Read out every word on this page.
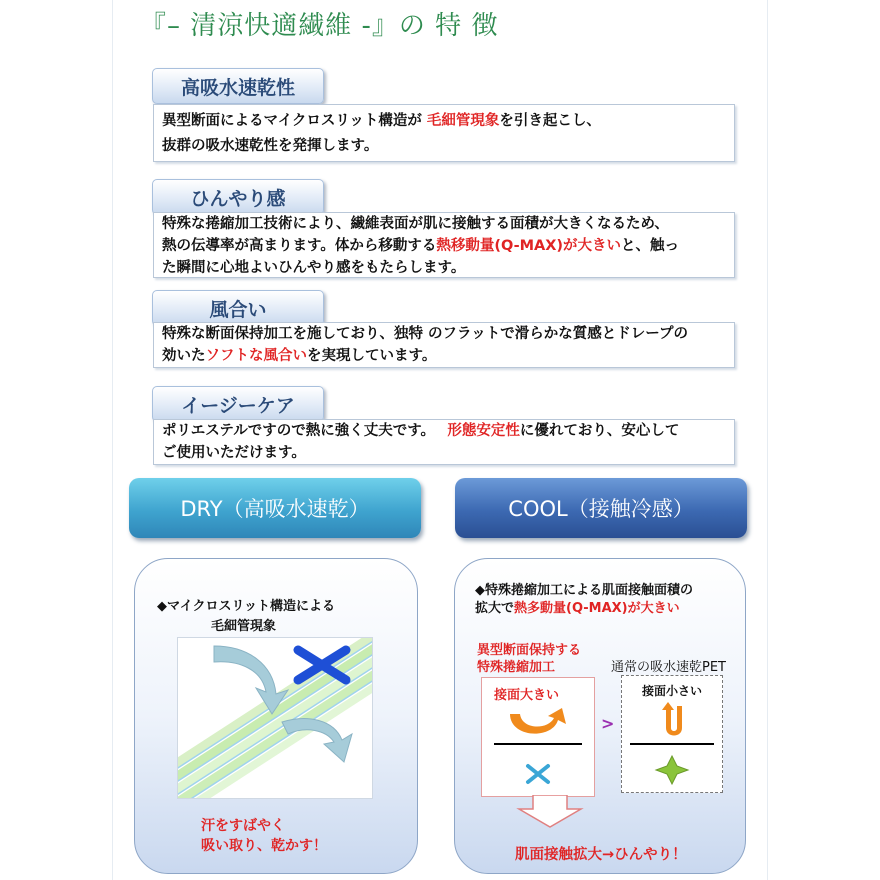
『– 清涼快適繊維 -』の 特 徴
高吸水速乾性
異型断面によるマイクロスリット構造が 毛細管現象を引き起こし、
抜群の吸水速乾性を発揮します。
ひんやり感
特殊な捲縮加工技術により、繊維表面が肌に接触する面積が大きくなるため、
熱の伝導率が高まります。体から移動する熱移動量(Q-MAX)が大きいと、触っ
た瞬間に心地よいひんやり感をもたらします。
風合い
特殊な断面保持加工を施しており、独特 のフラットで滑らかな質感とドレープの
効いたソフトな風合いを実現しています。
イージーケア
ポリエステルですので熱に強く丈夫です。　 形態安定性に優れており、安心して
ご使用いただけます。
DRY（高吸水速乾）	COOL（接触冷感）
◆マイクロスリット構造による
毛細管現象
汗をすばやく
吸い取り、乾かす！
◆特殊捲縮加工による肌面接触面積の
拡大で熱多動量(Q-MAX)が大きい
異型断面保持する
特殊捲縮加工	通常の吸水速乾PET
接面大きい
>
接面小さい
肌面接触拡大→ひんやり！
